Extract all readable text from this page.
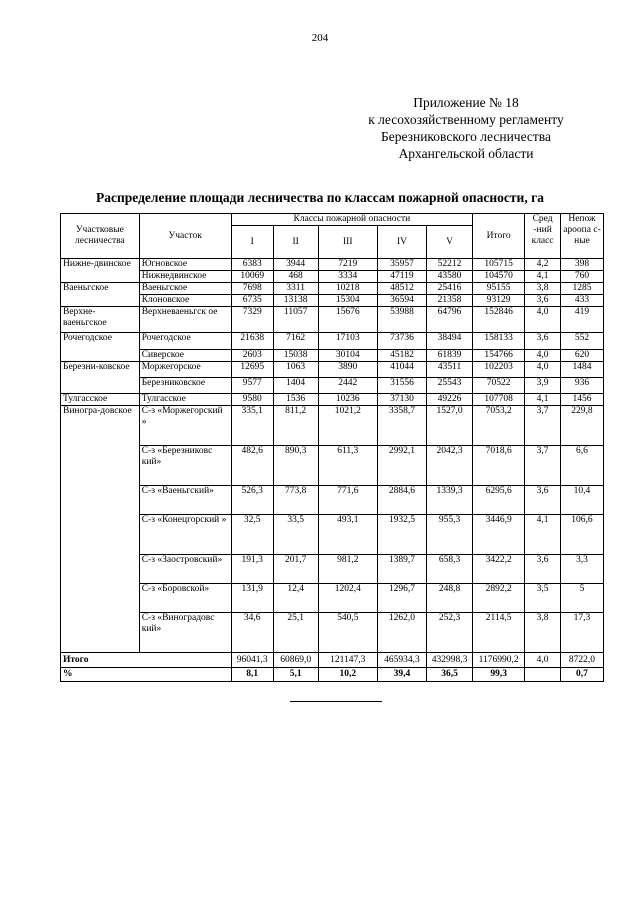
204
Приложение № 18
к лесохозяйственному регламенту
Березниковского лесничества
Архангельской области
Распределение площади лесничества по классам пожарной опасности, га
Участковые лесничества	Участок	Классы пожарной опасности					Итого	Сред -ний класс	Непож ароопа с-ные
		I	II	III	IV	V			
Нижне-двинское	Югновское	6383	3944	7219	35957	52212	105715	4,2	398
	Нижнедвинское	10069	468	3334	47119	43580	104570	4,1	760
Ваеньгское	Ваеньгское	7698	3311	10218	48512	25416	95155	3,8	1285
	Клоновское	6735	13138	15304	36594	21358	93129	3,6	433
Верхне-ваеньгское	Верхневаеньгск ое	7329	11057	15676	53988	64796	152846	4,0	419
Рочегодское	Рочегодское	21638	7162	17103	73736	38494	158133	3,6	552
	Сиверское	2603	15038	30104	45182	61839	154766	4,0	620
Березни-ковское	Моржегорское	12695	1063	3890	41044	43511	102203	4,0	1484
	Березниковское	9577	1404	2442	31556	25543	70522	3,9	936
Тулгасское	Тулгасское	9580	1536	10236	37130	49226	107708	4,1	1456
Виногра-довское	С-з «Моржегорский »	335,1	811,2	1021,2	3358,7	1527,0	7053,2	3,7	229,8
	С-з «Березниковс кий»	482,6	890,3	611,3	2992,1	2042,3	7018,6	3,7	6,6
	С-з «Ваеньгский»	526,3	773,8	771,6	2884,6	1339,3	6295,6	3,6	10,4
	С-з «Конецгорский »	32,5	33,5	493,1	1932,5	955,3	3446,9	4,1	106,6
	С-з «Заостровский»	191,3	201,7	981,2	1389,7	658,3	3422,2	3,6	3,3
	С-з «Боровской»	131,9	12,4	1202,4	1296,7	248,8	2892,2	3,5	5
	С-з «Виноградовс кий»	34,6	25,1	540,5	1262,0	252,3	2114,5	3,8	17,3
Итого		96041,3	60869,0	121147,3	465934,3	432998,3	1176990,2	4,0	8722,0
%		8,1	5,1	10,2	39,4	36,5	99,3		0,7
